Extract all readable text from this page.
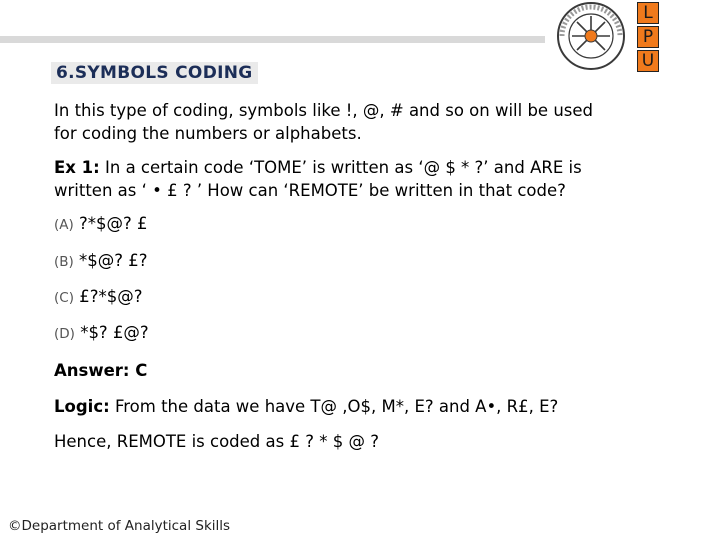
L
P
U
6.SYMBOLS CODING
In this type of coding, symbols like !, @, # and so on will be used
for coding the numbers or alphabets.
Ex 1: In a certain code ‘TOME’ is written as ‘@ $ * ?’ and ARE is
written as ‘ • £ ? ’ How can ‘REMOTE’ be written in that code?
(A) ?*$@? £
(B) *$@? £?
(C) £?*$@?
(D) *$? £@?
Answer: C
Logic: From the data we have T@ ,O$, M*, E? and A•, R£, E?
Hence, REMOTE is coded as £ ? * $ @ ?
©Department of Analytical Skills
